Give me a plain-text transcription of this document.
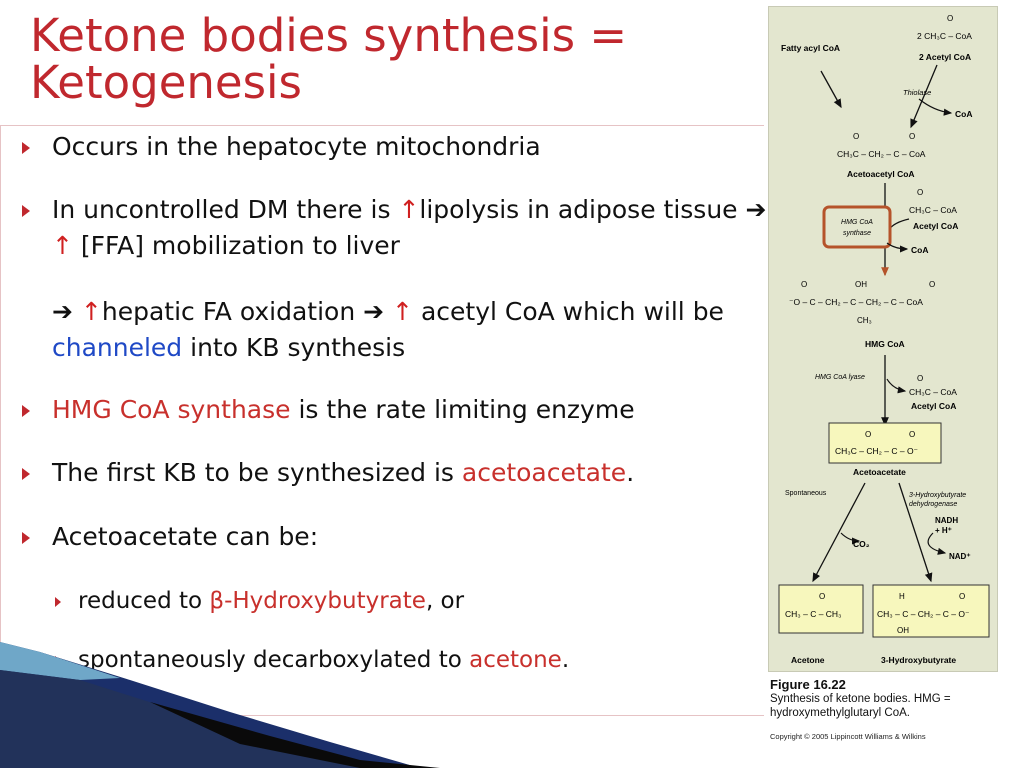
Ketone bodies synthesis = Ketogenesis
Occurs in the hepatocyte mitochondria
In uncontrolled DM there is ↑lipolysis in adipose tissue ➔ ↑ [FFA] mobilization to liver
➔ ↑hepatic FA oxidation ➔ ↑ acetyl CoA which will be channeled into KB synthesis
HMG CoA synthase is the rate limiting enzyme
The first KB to be synthesized is acetoacetate.
Acetoacetate can be:
reduced to β-Hydroxybutyrate, or
spontaneously decarboxylated to acetone.
O
2 CH₃C – CoA
2 Acetyl CoA
Fatty acyl CoA
Thiolase
CoA
O	O
CH₃C – CH₂ – C – CoA
Acetoacetyl CoA
O
CH₃C – CoA
Acetyl CoA
HMG CoA
synthase
CoA
O	OH	O
⁻O – C – CH₂ – C – CH₂ – C – CoA
CH₃
HMG CoA
HMG CoA lyase	O
CH₃C – CoA
Acetyl CoA
O	O
CH₃C – CH₂ – C – O⁻
Acetoacetate
Spontaneous	3-Hydroxybutyrate
dehydrogenase
CO₂
NADH
+ H⁺
NAD⁺
O
CH₃ – C – CH₃
Acetone
H	O
CH₃ – C – CH₂ – C – O⁻
OH
3-Hydroxybutyrate
Figure 16.22
Synthesis of ketone bodies. HMG = hydroxymethylglutaryl CoA.
Copyright © 2005 Lippincott Williams & Wilkins
